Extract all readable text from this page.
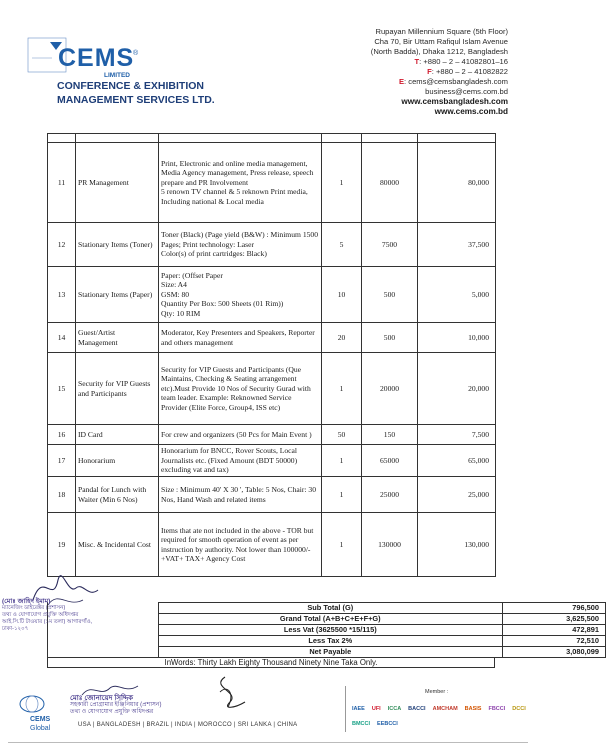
CEMS
®
LIMITED
CONFERENCE & EXHIBITION
MANAGEMENT SERVICES LTD.
Rupayan Millennium Square (5th Floor)
Cha 70, Bir Uttam Rafiqul Islam Avenue
(North Badda), Dhaka 1212, Bangladesh
T: +880 – 2 – 41082801–16
F: +880 – 2 – 41082822
E: cems@cemsbangladesh.com
business@cems.com.bd
www.cemsbangladesh.com
www.cems.com.bd

11	PR Management	Print, Electronic and online media management, Media Agency management, Press release, speech prepare and PR Involvement
5 renown TV channel & 5 reknown Print media, Including national & Local media	1	80000	80,000
12	Stationary Items (Toner)	Toner (Black) (Page yield (B&W) : Minimum 1500 Pages; Print technology: Laser
Color(s) of print cartridges: Black)	5	7500	37,500
13	Stationary Items (Paper)	Paper: (Offset Paper
Size: A4
GSM: 80
Quantity Per Box: 500 Sheets (01 Rim))
Qty: 10 RIM	10	500	5,000
14	Guest/Artist Management	Moderator, Key Presenters and Speakers, Reporter and others management	20	500	10,000
15	Security for VIP Guests and Participants	Security for VIP Guests and Participants (Que Maintains, Checking & Seating arrangement etc).Must Provide 10 Nos of Security Gurad with team leader. Example: Reknowned Service Provider (Elite Force, Group4, ISS etc)	1	20000	20,000
16	ID Card	For crew and organizers (50 Pcs for Main Event )	50	150	7,500
17	Honorarium	Honorarium for BNCC, Rover Scouts, Local Journalists etc. (Fixed Amount (BDT 50000) excluding vat and tax)	1	65000	65,000
18	Pandal for Lunch with Waiter (Min 6 Nos)	Size : Minimum 40' X 30 ', Table: 5 Nos, Chair: 30 Nos, Hand Wash and related items	1	25000	25,000
19	Misc. & Incidental Cost	Items that ate not included in the above - TOR but required for smooth operation of event as per instruction by authority. Not lower than 100000/- +VAT+ TAX+ Agency Cost	1	130000	130,000
Sub Total (G)	796,500
Grand Total (A+B+C+E+F+G)	3,625,500
Less Vat (3625500 *15/115)	472,891
Less Tax 2%	72,510
Net Payable	3,080,099
InWords: Thirty Lakh Eighty Thousand Ninety Nine Taka Only.
(মোঃ জাহিদ ইমাম)
ম্যানেজিং ডাইরেক্টর (প্রশাসন)
তথ্য ও যোগাযোগ প্রযুক্তি অধিদপ্তর
আই.সি.টি টাওয়ার (১ম তলা) আগারগাঁও, ঢাকা-১২০৭
CEMS
Global
মোঃ জোনায়েদ সিদ্দিক
সহকারী প্রোগ্রামার ইঞ্জিনিয়ার (প্রশাসন)
তথ্য ও যোগাযোগ প্রযুক্তি অধিদপ্তর
USA | BANGLADESH | BRAZIL | INDIA | MOROCCO | SRI LANKA | CHINA
Member :
IAEE	UFI	ICCA	BACCI	AMCHAM	BASIS	FBCCI	DCCI
BMCCI	EEBCCI
